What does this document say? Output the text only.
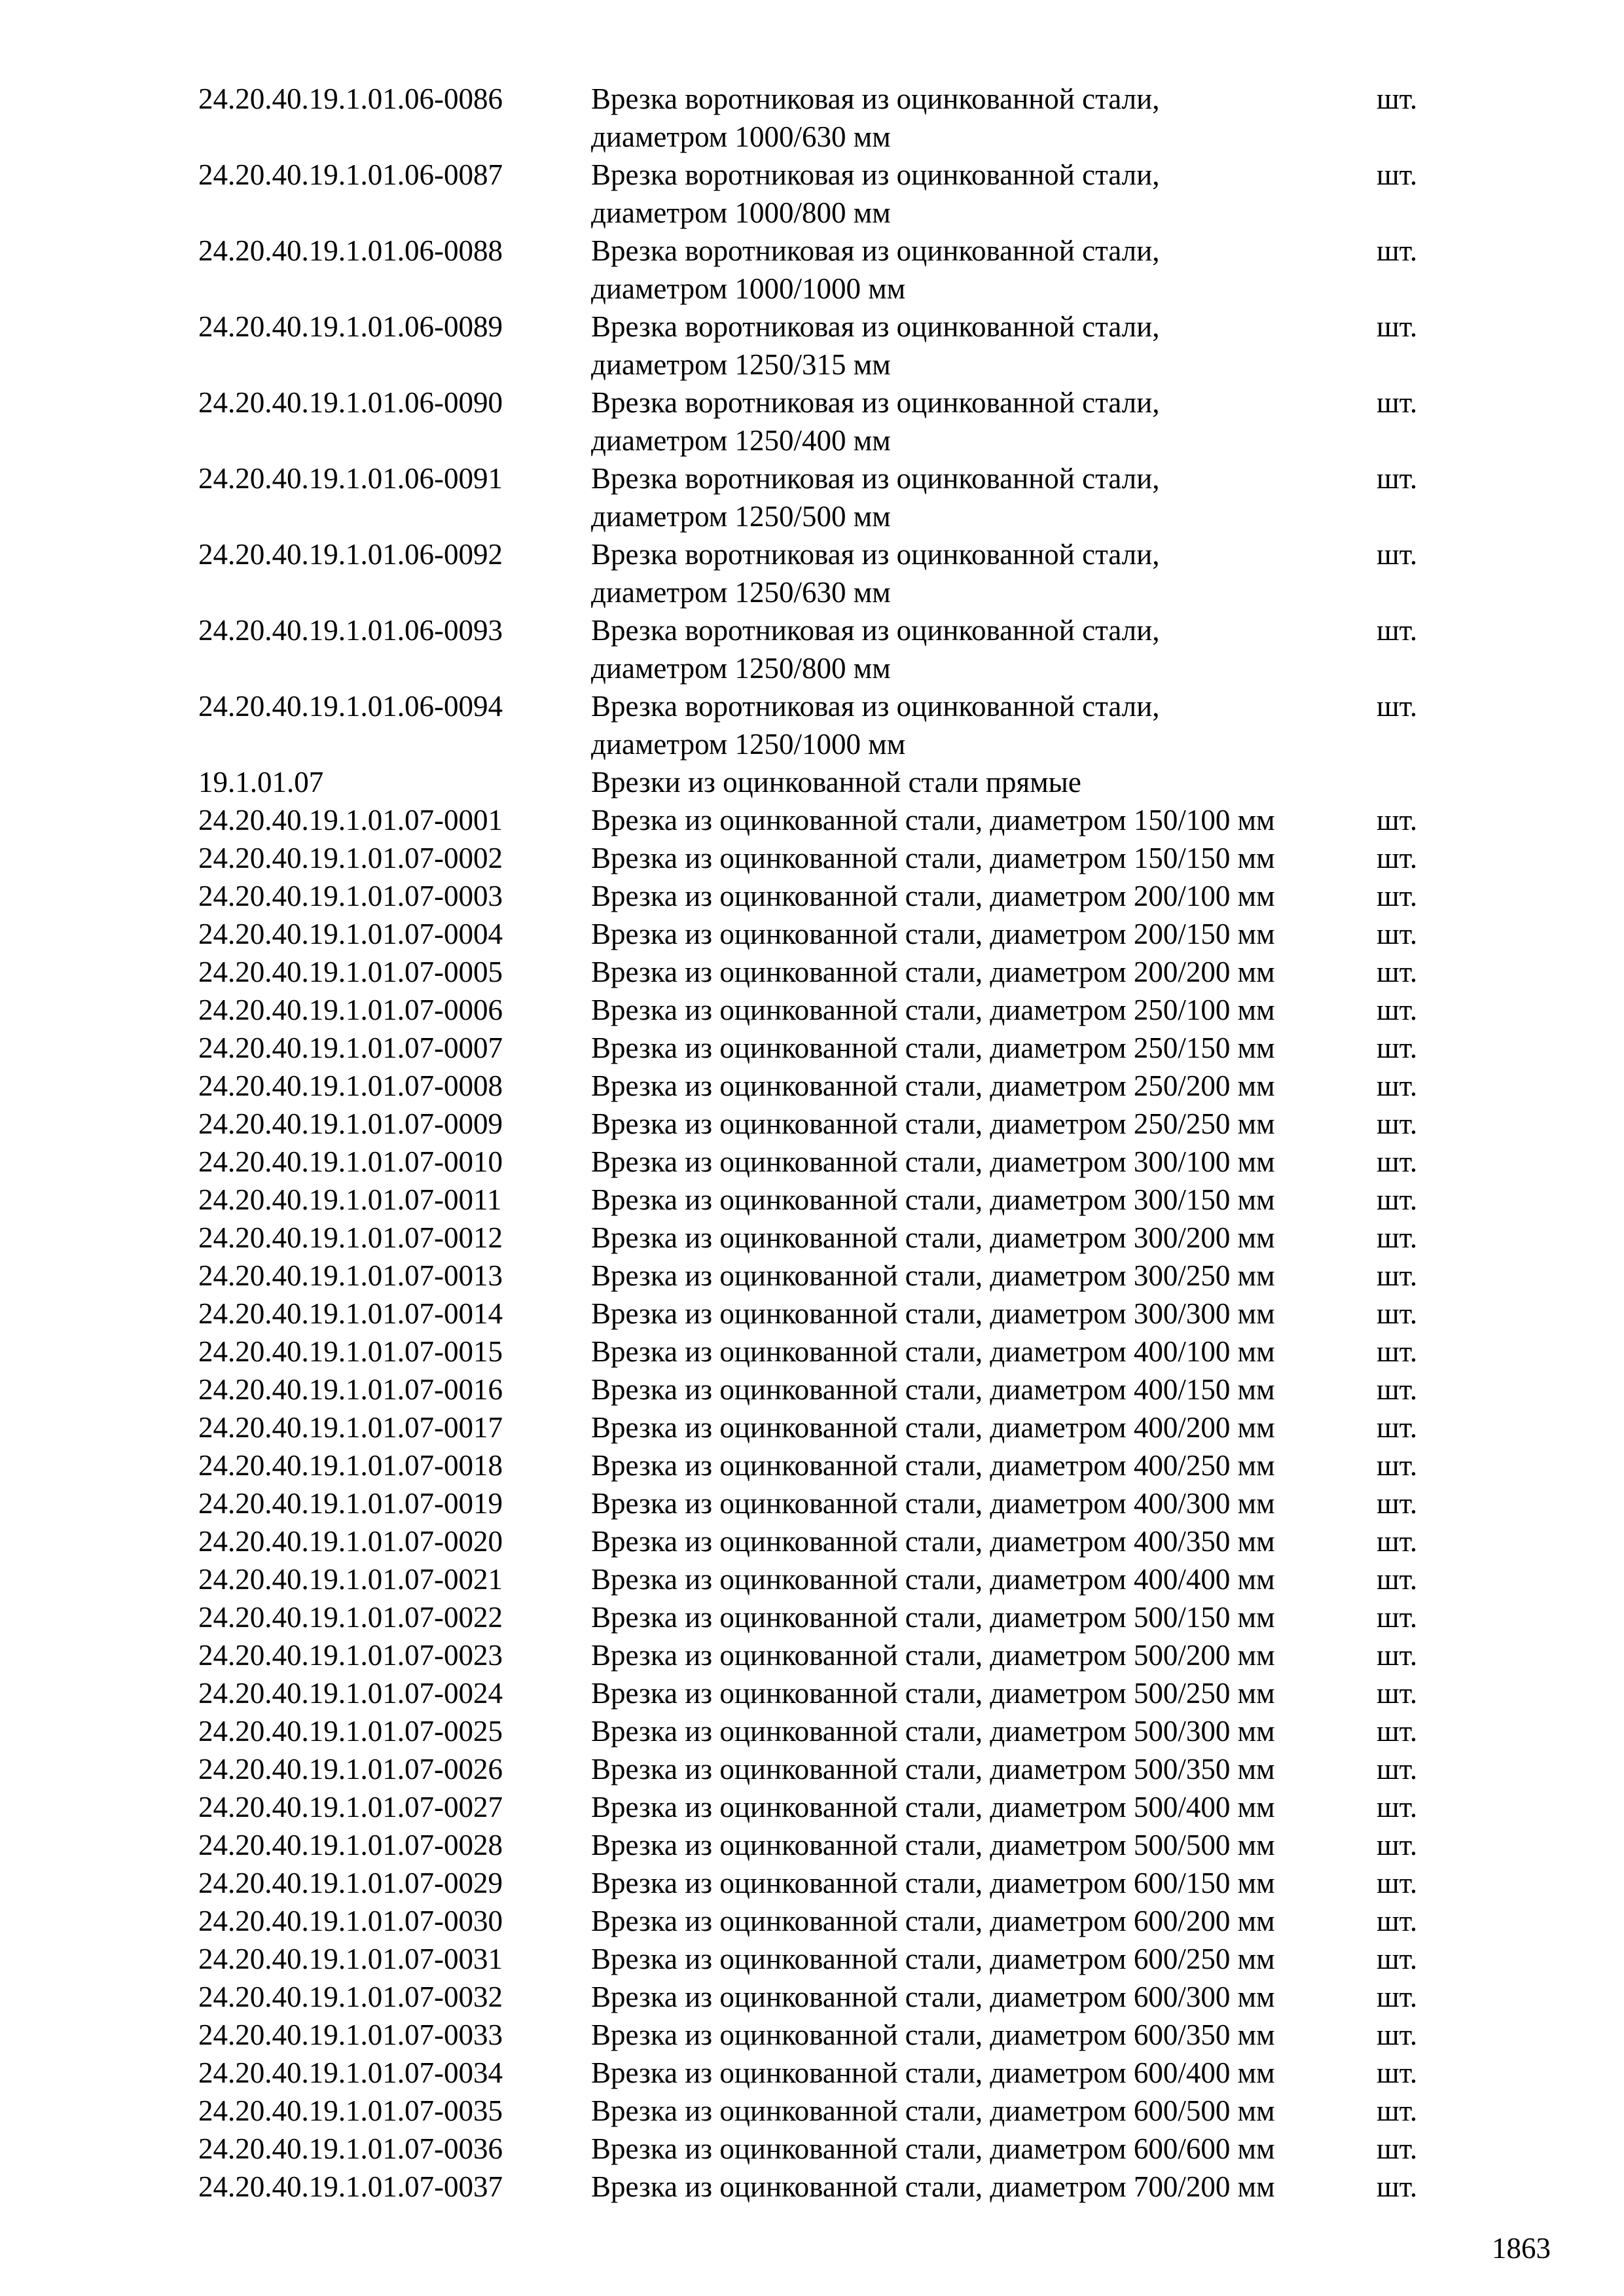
24.20.40.19.1.01.06-0086	Врезка воротниковая из оцинкованной стали,
диаметром 1000/630 мм
шт.
24.20.40.19.1.01.06-0087	Врезка воротниковая из оцинкованной стали,
диаметром 1000/800 мм
шт.
24.20.40.19.1.01.06-0088	Врезка воротниковая из оцинкованной стали,
диаметром 1000/1000 мм
шт.
24.20.40.19.1.01.06-0089	Врезка воротниковая из оцинкованной стали,
диаметром 1250/315 мм
шт.
24.20.40.19.1.01.06-0090	Врезка воротниковая из оцинкованной стали,
диаметром 1250/400 мм
шт.
24.20.40.19.1.01.06-0091	Врезка воротниковая из оцинкованной стали,
диаметром 1250/500 мм
шт.
24.20.40.19.1.01.06-0092	Врезка воротниковая из оцинкованной стали,
диаметром 1250/630 мм
шт.
24.20.40.19.1.01.06-0093	Врезка воротниковая из оцинкованной стали,
диаметром 1250/800 мм
шт.
24.20.40.19.1.01.06-0094	Врезка воротниковая из оцинкованной стали,
диаметром 1250/1000 мм
шт.
19.1.01.07	Врезки из оцинкованной стали прямые
24.20.40.19.1.01.07-0001	Врезка из оцинкованной стали, диаметром 150/100 мм	шт.
24.20.40.19.1.01.07-0002	Врезка из оцинкованной стали, диаметром 150/150 мм	шт.
24.20.40.19.1.01.07-0003	Врезка из оцинкованной стали, диаметром 200/100 мм	шт.
24.20.40.19.1.01.07-0004	Врезка из оцинкованной стали, диаметром 200/150 мм	шт.
24.20.40.19.1.01.07-0005	Врезка из оцинкованной стали, диаметром 200/200 мм	шт.
24.20.40.19.1.01.07-0006	Врезка из оцинкованной стали, диаметром 250/100 мм	шт.
24.20.40.19.1.01.07-0007	Врезка из оцинкованной стали, диаметром 250/150 мм	шт.
24.20.40.19.1.01.07-0008	Врезка из оцинкованной стали, диаметром 250/200 мм	шт.
24.20.40.19.1.01.07-0009	Врезка из оцинкованной стали, диаметром 250/250 мм	шт.
24.20.40.19.1.01.07-0010	Врезка из оцинкованной стали, диаметром 300/100 мм	шт.
24.20.40.19.1.01.07-0011	Врезка из оцинкованной стали, диаметром 300/150 мм	шт.
24.20.40.19.1.01.07-0012	Врезка из оцинкованной стали, диаметром 300/200 мм	шт.
24.20.40.19.1.01.07-0013	Врезка из оцинкованной стали, диаметром 300/250 мм	шт.
24.20.40.19.1.01.07-0014	Врезка из оцинкованной стали, диаметром 300/300 мм	шт.
24.20.40.19.1.01.07-0015	Врезка из оцинкованной стали, диаметром 400/100 мм	шт.
24.20.40.19.1.01.07-0016	Врезка из оцинкованной стали, диаметром 400/150 мм	шт.
24.20.40.19.1.01.07-0017	Врезка из оцинкованной стали, диаметром 400/200 мм	шт.
24.20.40.19.1.01.07-0018	Врезка из оцинкованной стали, диаметром 400/250 мм	шт.
24.20.40.19.1.01.07-0019	Врезка из оцинкованной стали, диаметром 400/300 мм	шт.
24.20.40.19.1.01.07-0020	Врезка из оцинкованной стали, диаметром 400/350 мм	шт.
24.20.40.19.1.01.07-0021	Врезка из оцинкованной стали, диаметром 400/400 мм	шт.
24.20.40.19.1.01.07-0022	Врезка из оцинкованной стали, диаметром 500/150 мм	шт.
24.20.40.19.1.01.07-0023	Врезка из оцинкованной стали, диаметром 500/200 мм	шт.
24.20.40.19.1.01.07-0024	Врезка из оцинкованной стали, диаметром 500/250 мм	шт.
24.20.40.19.1.01.07-0025	Врезка из оцинкованной стали, диаметром 500/300 мм	шт.
24.20.40.19.1.01.07-0026	Врезка из оцинкованной стали, диаметром 500/350 мм	шт.
24.20.40.19.1.01.07-0027	Врезка из оцинкованной стали, диаметром 500/400 мм	шт.
24.20.40.19.1.01.07-0028	Врезка из оцинкованной стали, диаметром 500/500 мм	шт.
24.20.40.19.1.01.07-0029	Врезка из оцинкованной стали, диаметром 600/150 мм	шт.
24.20.40.19.1.01.07-0030	Врезка из оцинкованной стали, диаметром 600/200 мм	шт.
24.20.40.19.1.01.07-0031	Врезка из оцинкованной стали, диаметром 600/250 мм	шт.
24.20.40.19.1.01.07-0032	Врезка из оцинкованной стали, диаметром 600/300 мм	шт.
24.20.40.19.1.01.07-0033	Врезка из оцинкованной стали, диаметром 600/350 мм	шт.
24.20.40.19.1.01.07-0034	Врезка из оцинкованной стали, диаметром 600/400 мм	шт.
24.20.40.19.1.01.07-0035	Врезка из оцинкованной стали, диаметром 600/500 мм	шт.
24.20.40.19.1.01.07-0036	Врезка из оцинкованной стали, диаметром 600/600 мм	шт.
24.20.40.19.1.01.07-0037	Врезка из оцинкованной стали, диаметром 700/200 мм	шт.
1863
